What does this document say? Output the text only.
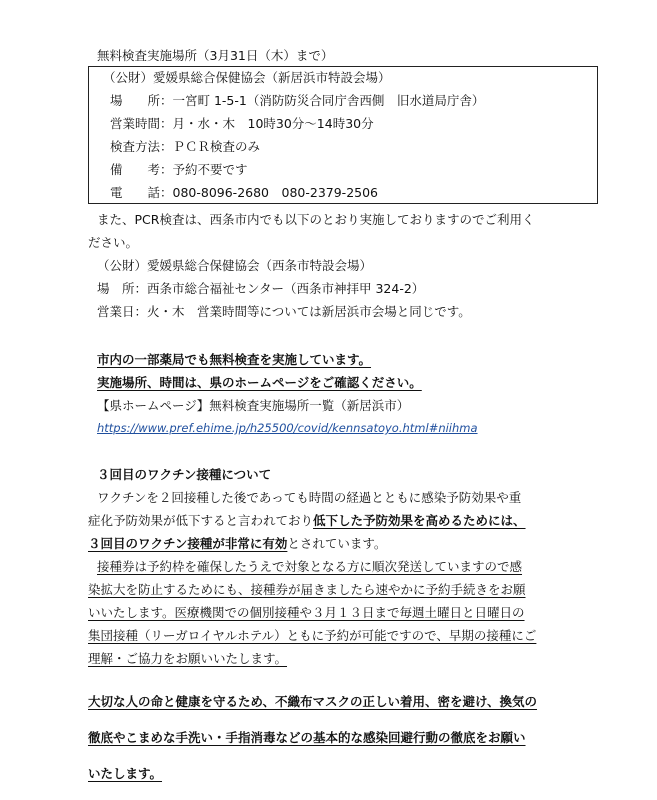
無料検査実施場所（3月31日（木）まで）
（公財）愛媛県総合保健協会（新居浜市特設会場）
場　　所：一宮町 1-5-1（消防防災合同庁舎西側　旧水道局庁舎）
営業時間：月・水・木　10時30分～14時30分
検査方法：ＰＣＲ検査のみ
備　　考：予約不要です
電　　話：080-8096-2680　080-2379-2506
また、PCR検査は、西条市内でも以下のとおり実施しておりますのでご利用く
ださい。
（公財）愛媛県総合保健協会（西条市特設会場）
場　所：西条市総合福祉センター（西条市神拝甲 324-2）
営業日：火・木　営業時間等については新居浜市会場と同じです。
市内の一部薬局でも無料検査を実施しています。
実施場所、時間は、県のホームページをご確認ください。
【県ホームページ】無料検査実施場所一覧（新居浜市）
https://www.pref.ehime.jp/h25500/covid/kennsatoyo.html#niihma
３回目のワクチン接種について
ワクチンを２回接種した後であっても時間の経過とともに感染予防効果や重
症化予防効果が低下すると言われており低下した予防効果を高めるためには、
３回目のワクチン接種が非常に有効とされています。
接種券は予約枠を確保したうえで対象となる方に順次発送していますので感
染拡大を防止するためにも、接種券が届きましたら速やかに予約手続きをお願
いいたします。医療機関での個別接種や３月１３日まで毎週土曜日と日曜日の
集団接種（リーガロイヤルホテル）ともに予約が可能ですので、早期の接種にご
理解・ご協力をお願いいたします。
大切な人の命と健康を守るため、不織布マスクの正しい着用、密を避け、換気の
徹底やこまめな手洗い・手指消毒などの基本的な感染回避行動の徹底をお願い
いたします。
